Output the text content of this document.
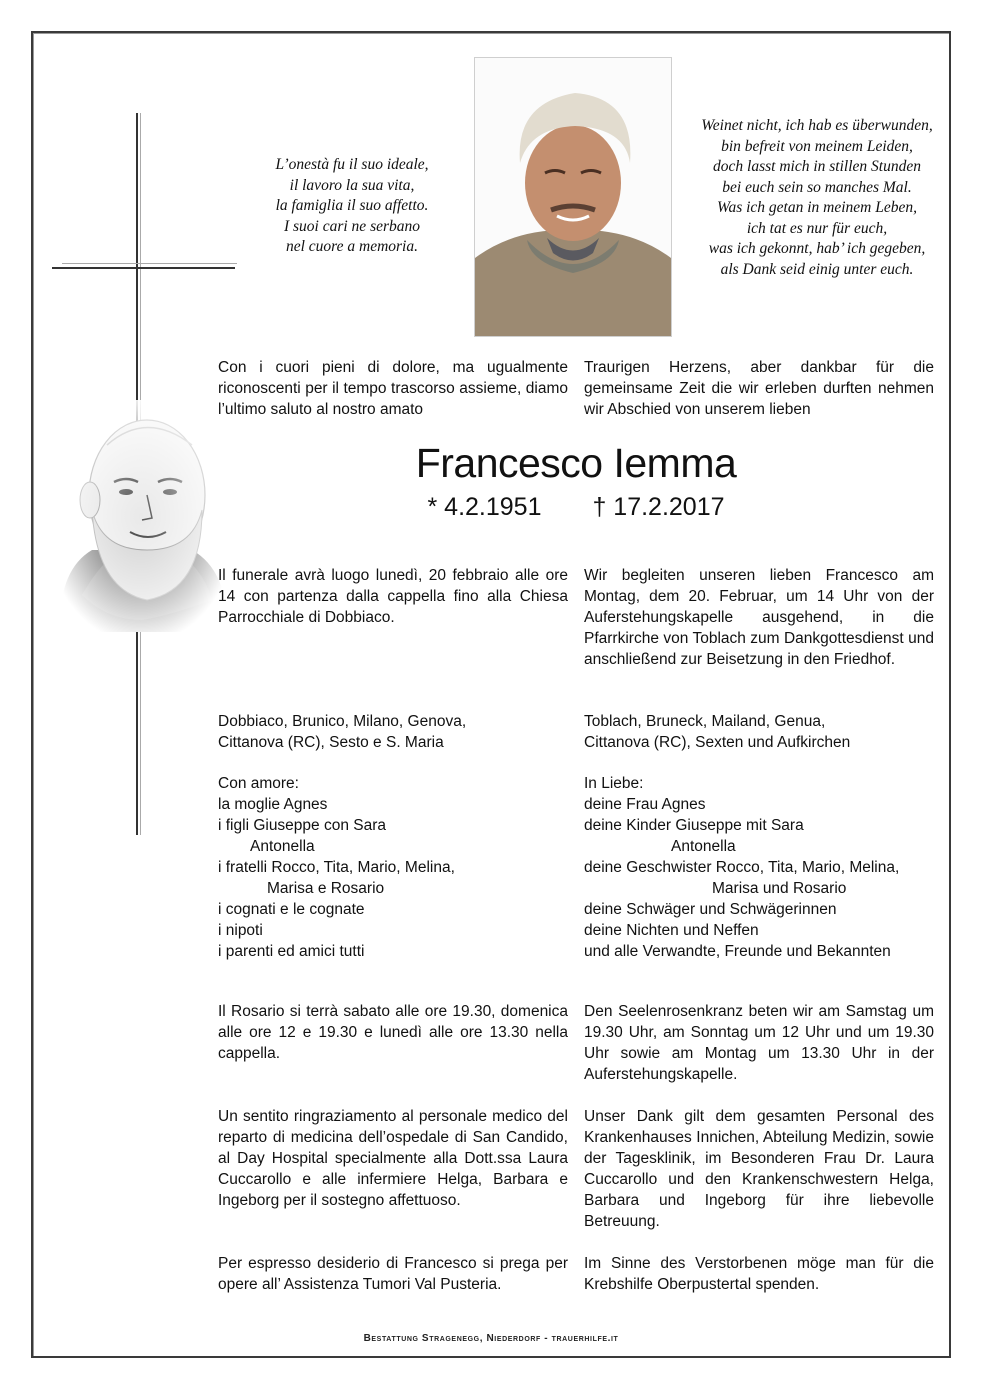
L’onestà fu il suo ideale,
il lavoro la sua vita,
la famiglia il suo affetto.
I suoi cari ne serbano
nel cuore a memoria.
Weinet nicht, ich hab es überwunden,
bin befreit von meinem Leiden,
doch lasst mich in stillen Stunden
bei euch sein so manches Mal.
Was ich getan in meinem Leben,
ich tat es nur für euch,
was ich gekonnt, hab’ ich gegeben,
als Dank seid einig unter euch.
Con i cuori pieni di dolore, ma ugualmente riconoscenti per il tempo trascorso assieme, diamo l’ultimo saluto al nostro amato
Traurigen Herzens, aber dankbar für die gemeinsame Zeit die wir erleben durften nehmen wir Abschied von unserem lieben
Francesco Iemma
* 4.2.1951 † 17.2.2017
Il funerale avrà luogo lunedì, 20 febbraio alle ore 14 con partenza dalla cappella fino alla Chiesa Parrocchiale di Dobbiaco.
Wir begleiten unseren lieben Francesco am Montag, dem 20. Februar, um 14 Uhr von der Auferstehungskapelle ausgehend, in die Pfarrkirche von Toblach zum Dankgottesdienst und anschließend zur Beisetzung in den Friedhof.
Dobbiaco, Brunico, Milano, Genova,
Cittanova (RC), Sesto e S. Maria
Toblach, Bruneck, Mailand, Genua,
Cittanova (RC), Sexten und Aufkirchen
Con amore:
la moglie Agnes
i figli Giuseppe con Sara
Antonella
i fratelli Rocco, Tita, Mario, Melina,
Marisa e Rosario
i cognati e le cognate
i nipoti
i parenti ed amici tutti
In Liebe:
deine Frau Agnes
deine Kinder Giuseppe mit Sara
Antonella
deine Geschwister Rocco, Tita, Mario, Melina,
Marisa und Rosario
deine Schwäger und Schwägerinnen
deine Nichten und Neffen
und alle Verwandte, Freunde und Bekannten
Il Rosario si terrà sabato alle ore 19.30, domenica alle ore 12 e 19.30 e lunedì alle ore 13.30 nella cappella.
Den Seelenrosenkranz beten wir am Samstag um 19.30 Uhr, am Sonntag um 12 Uhr und um 19.30 Uhr sowie am Montag um 13.30 Uhr in der Auferstehungskapelle.
Un sentito ringraziamento al personale medico del reparto di medicina dell’ospedale di San Candido, al Day Hospital specialmente alla Dott.ssa Laura Cuccarollo e alle infermiere Helga, Barbara e Ingeborg per il sostegno affettuoso.
Unser Dank gilt dem gesamten Personal des Krankenhauses Innichen, Abteilung Medizin, sowie der Tagesklinik, im Besonderen Frau Dr. Laura Cuccarollo und den Krankenschwestern Helga, Barbara und Ingeborg für ihre liebevolle Betreuung.
Per espresso desiderio di Francesco si prega per opere all’ Assistenza Tumori Val Pusteria.
Im Sinne des Verstorbenen möge man für die Krebshilfe Oberpustertal spenden.
Bestattung Stragenegg, Niederdorf - trauerhilfe.it
